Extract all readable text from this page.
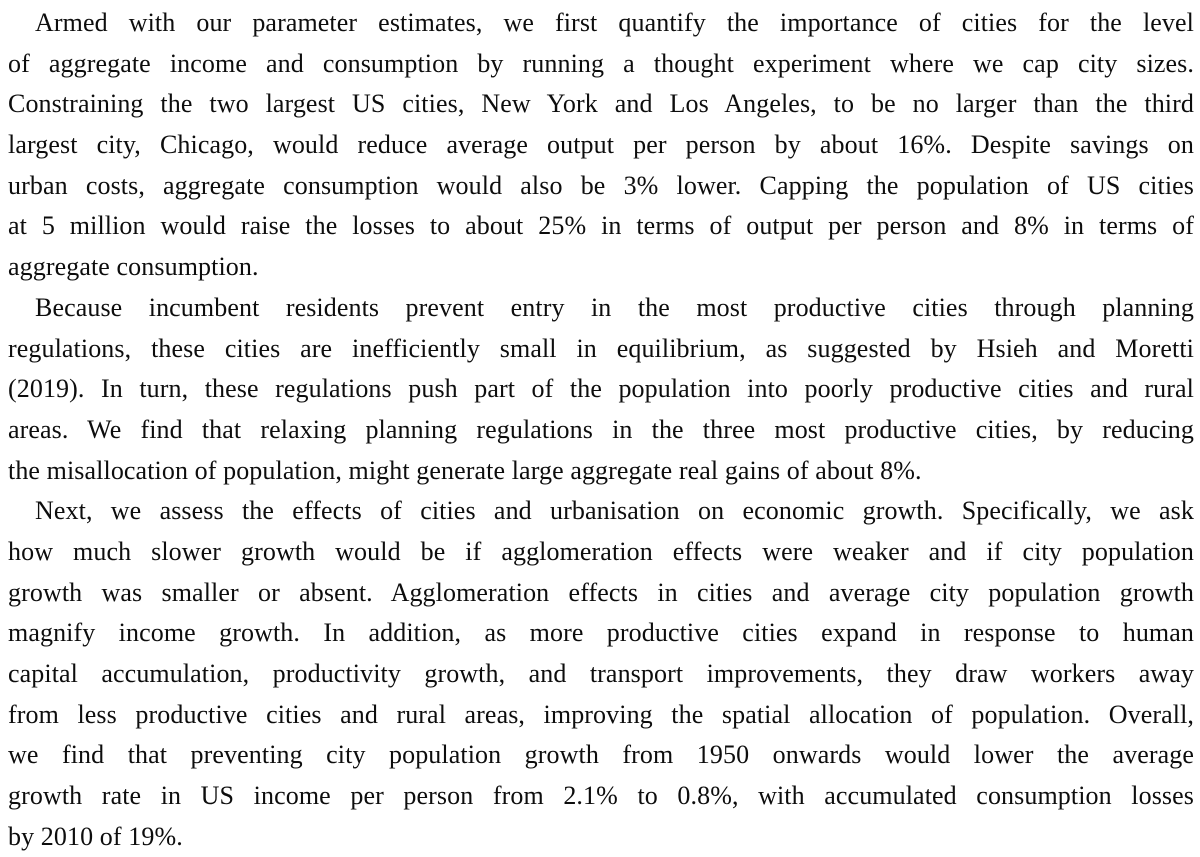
Armed with our parameter estimates, we first quantify the importance of cities for the level
of aggregate income and consumption by running a thought experiment where we cap city sizes.
Constraining the two largest US cities, New York and Los Angeles, to be no larger than the third
largest city, Chicago, would reduce average output per person by about 16%. Despite savings on
urban costs, aggregate consumption would also be 3% lower. Capping the population of US cities
at 5 million would raise the losses to about 25% in terms of output per person and 8% in terms of
aggregate consumption.
Because incumbent residents prevent entry in the most productive cities through planning
regulations, these cities are inefficiently small in equilibrium, as suggested by Hsieh and Moretti
(2019). In turn, these regulations push part of the population into poorly productive cities and rural
areas. We find that relaxing planning regulations in the three most productive cities, by reducing
the misallocation of population, might generate large aggregate real gains of about 8%.
Next, we assess the effects of cities and urbanisation on economic growth. Specifically, we ask
how much slower growth would be if agglomeration effects were weaker and if city population
growth was smaller or absent. Agglomeration effects in cities and average city population growth
magnify income growth. In addition, as more productive cities expand in response to human
capital accumulation, productivity growth, and transport improvements, they draw workers away
from less productive cities and rural areas, improving the spatial allocation of population. Overall,
we find that preventing city population growth from 1950 onwards would lower the average
growth rate in US income per person from 2.1% to 0.8%, with accumulated consumption losses
by 2010 of 19%.
